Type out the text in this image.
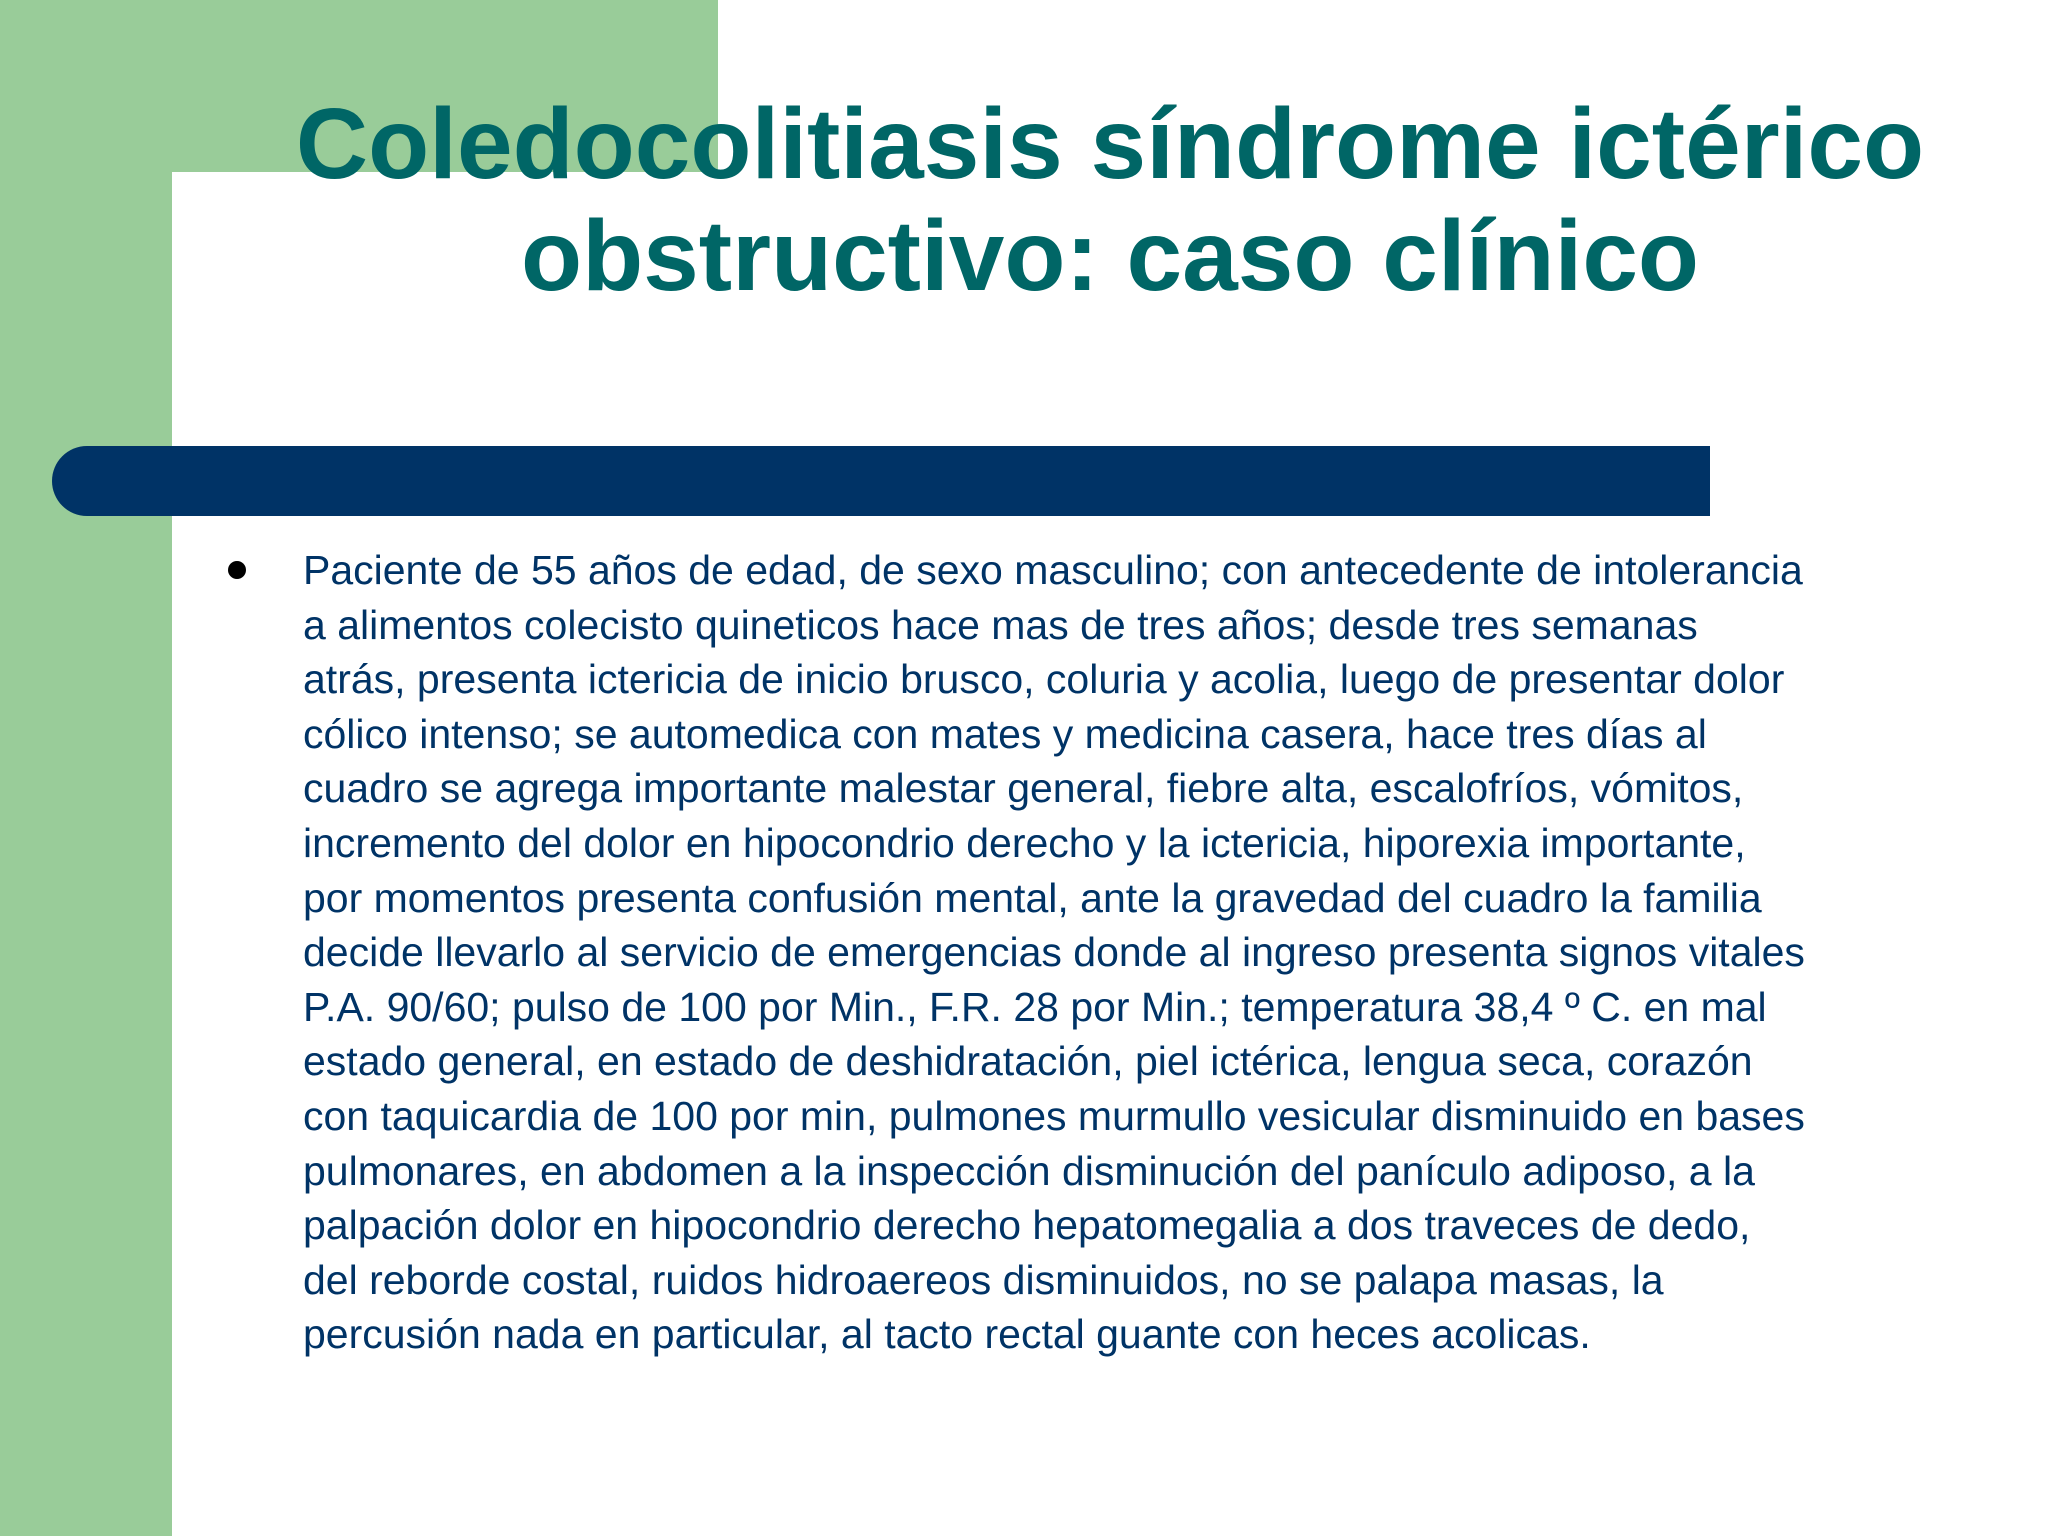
Coledocolitiasis síndrome ictérico
obstructivo: caso clínico

Paciente de 55 años de edad, de sexo masculino; con antecedente de intolerancia
a alimentos colecisto quineticos hace mas de tres años; desde tres semanas
atrás, presenta ictericia de inicio brusco, coluria y acolia, luego de presentar dolor
cólico intenso; se automedica con mates y medicina casera, hace tres días al
cuadro se agrega importante malestar general, fiebre alta, escalofríos, vómitos,
incremento del dolor en hipocondrio derecho y la ictericia, hiporexia importante,
por momentos presenta confusión mental, ante la gravedad del cuadro la familia
decide llevarlo al servicio de emergencias donde al ingreso presenta signos vitales
P.A. 90/60; pulso de 100 por Min., F.R. 28 por Min.; temperatura 38,4 º C. en mal
estado general, en estado de deshidratación, piel ictérica, lengua seca, corazón
con taquicardia de 100 por min, pulmones murmullo vesicular disminuido en bases
pulmonares, en abdomen a la inspección disminución del panículo adiposo, a la
palpación dolor en hipocondrio derecho hepatomegalia a dos traveces de dedo,
del reborde costal, ruidos hidroaereos disminuidos, no se palapa masas, la
percusión nada en particular, al tacto rectal guante con heces acolicas.
